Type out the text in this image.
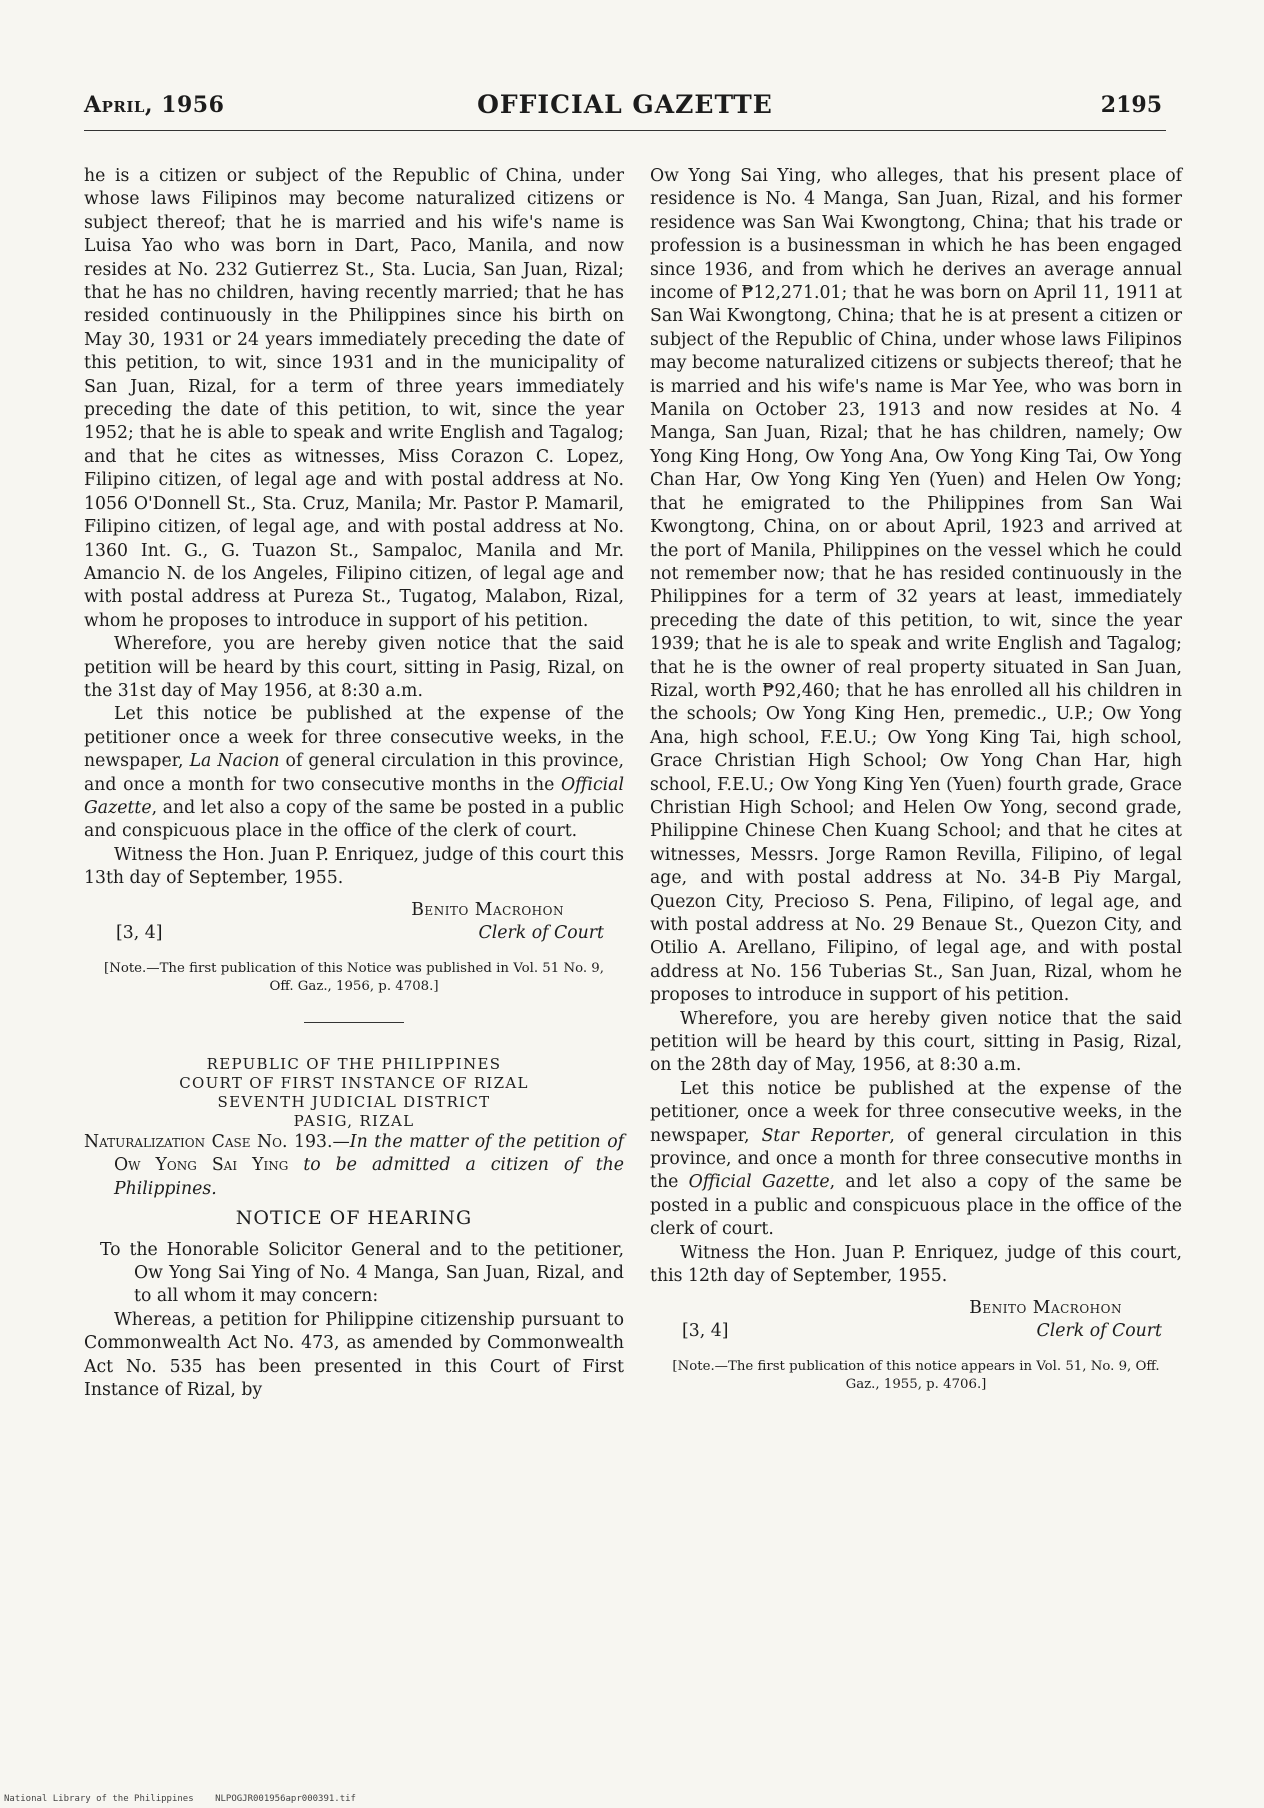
April, 1956	OFFICIAL GAZETTE	2195

he is a citizen or subject of the Republic of China, under whose laws Filipinos may become naturalized citizens or subject thereof; that he is married and his wife's name is Luisa Yao who was born in Dart, Paco, Manila, and now resides at No. 232 Gutierrez St., Sta. Lucia, San Juan, Rizal; that he has no children, having recently married; that he has resided continuously in the Philippines since his birth on May 30, 1931 or 24 years immediately preceding the date of this petition, to wit, since 1931 and in the municipality of San Juan, Rizal, for a term of three years immediately preceding the date of this petition, to wit, since the year 1952; that he is able to speak and write English and Tagalog; and that he cites as witnesses, Miss Corazon C. Lopez, Filipino citizen, of legal age and with postal address at No. 1056 O'Donnell St., Sta. Cruz, Manila; Mr. Pastor P. Mamaril, Filipino citizen, of legal age, and with postal address at No. 1360 Int. G., G. Tuazon St., Sampaloc, Manila and Mr. Amancio N. de los Angeles, Filipino citizen, of legal age and with postal address at Pureza St., Tugatog, Malabon, Rizal, whom he proposes to introduce in support of his petition.

Wherefore, you are hereby given notice that the said petition will be heard by this court, sitting in Pasig, Rizal, on the 31st day of May 1956, at 8:30 a.m.

Let this notice be published at the expense of the petitioner once a week for three consecutive weeks, in the newspaper, La Nacion of general circulation in this province, and once a month for two consecutive months in the Official Gazette, and let also a copy of the same be posted in a public and conspicuous place in the office of the clerk of court.

Witness the Hon. Juan P. Enriquez, judge of this court this 13th day of September, 1955.

Benito Macrohon
[3, 4]	Clerk of Court
[Note.—The first publication of this Notice was published in Vol. 51 No. 9, Off. Gaz., 1956, p. 4708.]
REPUBLIC OF THE PHILIPPINES
COURT OF FIRST INSTANCE OF RIZAL
SEVENTH JUDICIAL DISTRICT
PASIG, RIZAL

Naturalization Case No. 193.—In the matter of the petition of Ow Yong Sai Ying to be admitted a citizen of the Philippines.

NOTICE OF HEARING

To the Honorable Solicitor General and to the petitioner, Ow Yong Sai Ying of No. 4 Manga, San Juan, Rizal, and to all whom it may concern:

Whereas, a petition for Philippine citizenship pursuant to Commonwealth Act No. 473, as amended by Commonwealth Act No. 535 has been presented in this Court of First Instance of Rizal, by

Ow Yong Sai Ying, who alleges, that his present place of residence is No. 4 Manga, San Juan, Rizal, and his former residence was San Wai Kwongtong, China; that his trade or profession is a businessman in which he has been engaged since 1936, and from which he derives an average annual income of ₱12,271.01; that he was born on April 11, 1911 at San Wai Kwongtong, China; that he is at present a citizen or subject of the Republic of China, under whose laws Filipinos may become naturalized citizens or subjects thereof; that he is married and his wife's name is Mar Yee, who was born in Manila on October 23, 1913 and now resides at No. 4 Manga, San Juan, Rizal; that he has children, namely; Ow Yong King Hong, Ow Yong Ana, Ow Yong King Tai, Ow Yong Chan Har, Ow Yong King Yen (Yuen) and Helen Ow Yong; that he emigrated to the Philippines from San Wai Kwongtong, China, on or about April, 1923 and arrived at the port of Manila, Philippines on the vessel which he could not remember now; that he has resided continuously in the Philippines for a term of 32 years at least, immediately preceding the date of this petition, to wit, since the year 1939; that he is ale to speak and write English and Tagalog; that he is the owner of real property situated in San Juan, Rizal, worth ₱92,460; that he has enrolled all his children in the schools; Ow Yong King Hen, premedic., U.P.; Ow Yong Ana, high school, F.E.U.; Ow Yong King Tai, high school, Grace Christian High School; Ow Yong Chan Har, high school, F.E.U.; Ow Yong King Yen (Yuen) fourth grade, Grace Christian High School; and Helen Ow Yong, second grade, Philippine Chinese Chen Kuang School; and that he cites at witnesses, Messrs. Jorge Ramon Revilla, Filipino, of legal age, and with postal address at No. 34-B Piy Margal, Quezon City, Precioso S. Pena, Filipino, of legal age, and with postal address at No. 29 Benaue St., Quezon City, and Otilio A. Arellano, Filipino, of legal age, and with postal address at No. 156 Tuberias St., San Juan, Rizal, whom he proposes to introduce in support of his petition.

Wherefore, you are hereby given notice that the said petition will be heard by this court, sitting in Pasig, Rizal, on the 28th day of May, 1956, at 8:30 a.m.

Let this notice be published at the expense of the petitioner, once a week for three consecutive weeks, in the newspaper, Star Reporter, of general circulation in this province, and once a month for three consecutive months in the Official Gazette, and let also a copy of the same be posted in a public and conspicuous place in the office of the clerk of court.

Witness the Hon. Juan P. Enriquez, judge of this court, this 12th day of September, 1955.

Benito Macrohon
[3, 4]	Clerk of Court
[Note.—The first publication of this notice appears in Vol. 51, No. 9, Off. Gaz., 1955, p. 4706.]
National Library of the Philippines NLPOGJR001956apr000391.tif
